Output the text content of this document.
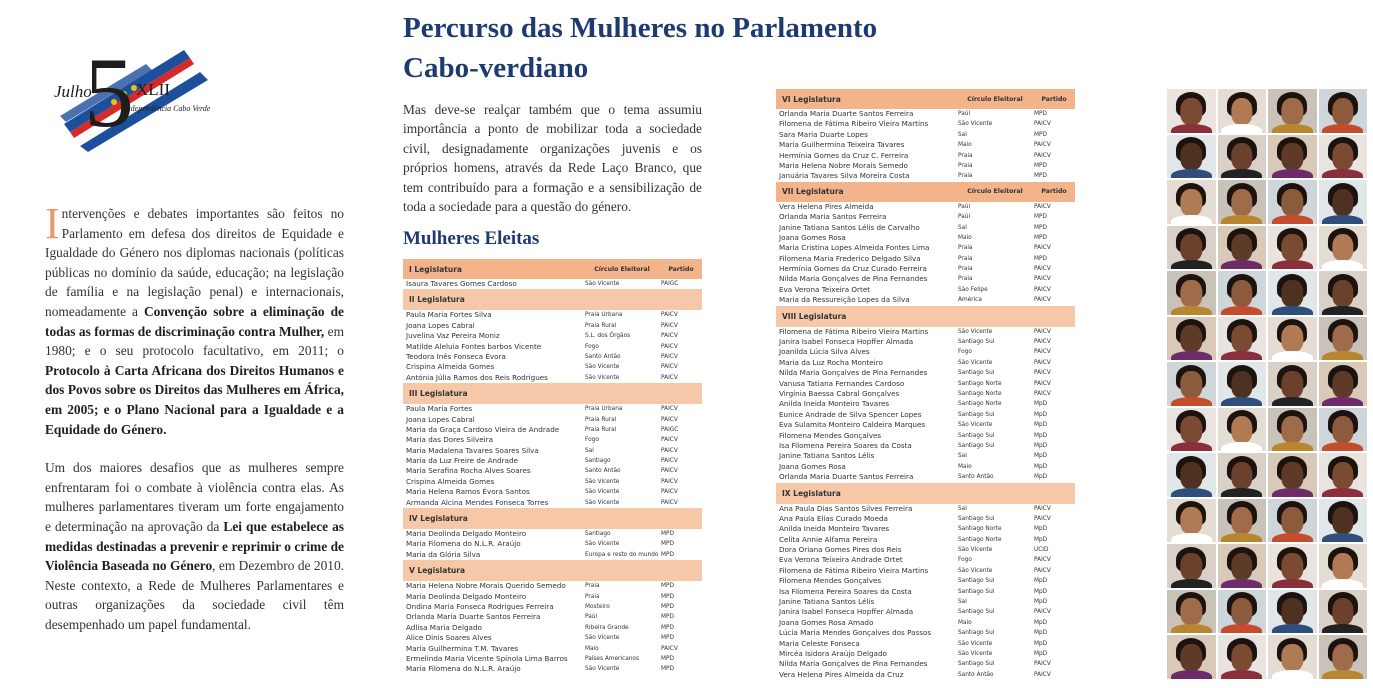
5
Julho	XLII
Independência Cabo Verde

Intervenções e debates importantes são feitos no Parlamento em defesa dos direitos de Equidade e Igualdade do Género nos diplomas nacionais (políticas públicas no domínio da saúde, educação; na legislação de família e na legislação penal) e internacionais, nomeadamente a Convenção sobre a eliminação de todas as formas de discriminação contra Mulher, em 1980; e o seu protocolo facultativo, em 2011; o Protocolo à Carta Africana dos Direitos Humanos e dos Povos sobre os Direitos das Mulheres em África, em 2005; e o Plano Nacional para a Igualdade e a Equidade do Género.

Um dos maiores desafios que as mulheres sempre enfrentaram foi o combate à violência contra elas. As mulheres parlamentares tiveram um forte engajamento e determinação na aprovação da Lei que estabelece as medidas destinadas a prevenir e reprimir o crime de Violência Baseada no Género, em Dezembro de 2010. Neste contexto, a Rede de Mulheres Parlamentares e outras organizações da sociedade civil têm desempenhado um papel fundamental.

Percurso das Mulheres no Parlamento Cabo-verdiano

Mas deve-se realçar também que o tema assumiu importância a ponto de mobilizar toda a sociedade civil, designadamente organizações juvenis e os próprios homens, através da Rede Laço Branco, que tem contribuído para a formação e a sensibilização de toda a sociedade para a questão do género.

Mulheres Eleitas
I Legislatura	Círculo Eleitoral	Partido
Isaura Tavares Gomes Cardoso	São Vicente	PAIGC
II Legislatura
Paula Maria Fortes Silva	Praia Urbana	PAICV
Joana Lopes Cabral	Praia Rural	PAICV
Juvelina Vaz Pereira Moniz	S.L. dos Órgãos	PAICV
Matilde Aleluia Fontes barbos Vicente	Fogo	PAICV
Teodora Inês Fonseca Évora	Santo Antão	PAICV
Crispina Almeida Gomes	São Vicente	PAICV
Antónia Júlia Ramos dos Reis Rodrigues	São Vicente	PAICV
III Legislatura
Paula Maria Fortes	Praia Urbana	PAICV
Joana Lopes Cabral	Praia Rural	PAICV
Maria da Graça Cardoso Vieira de Andrade	Praia Rural	PAIGC
Maria das Dores Silveira	Fogo	PAICV
Maria Madalena Tavares Soares Silva	Sal	PAICV
Maria da Luz Freire de Andrade	Santiago	PAICV
Maria Serafina Rocha Alves Soares	Santo Antão	PAICV
Crispina Almeida Gomes	São Vicente	PAICV
Maria Helena Ramos Évora Santos	São Vicente	PAICV
Armanda Alcina Mendes Fonseca Torres	São Vicente	PAICV
IV Legislatura
Maria Deolinda Delgado Monteiro	Santiago	MPD
Maria Filomena do N.L.R. Araújo	São Vicente	MPD
Maria da Glória Silva	Europa e resto do mundo MPD
V Legislatura
Maria Helena Nobre Morais Querido Semedo	Praia	MPD
Maria Deolinda Delgado Monteiro	Praia	MPD
Ondina Maria Fonseca Rodrigues Ferreira	Mosteiro	MPD
Orlanda Maria Duarte Santos Ferreira	Paúl	MPD
Adlisa Maria Delgado	Ribeira Grande	MPD
Alice Dinis Soares Alves	São Vicente	MPD
Maria Guilhermina T.M. Tavares	Maio	PAICV
Ermelinda Maria Vicente Spínola Lima Barros	Países Americanos	MPD
Maria Filomena do N.L.R. Araújo	São Vicente	MPD
VI Legislatura	Círculo Eleitoral	Partido
Orlanda Maria Duarte Santos Ferreira	Paúl	MPD
Filomena de Fátima Ribeiro Vieira Martins	São Vicente	PAICV
Sara Maria Duarte Lopes	Sal	MPD
Maria Guilhermina Teixeira Tavares	Maio	PAICV
Hermínia Gomes da Cruz C. Ferreira	Praia	PAICV
Maria Helena Nobre Morais Semedo	Praia	MPD
Januária Tavares Silva Moreira Costa	Praia	MPD
VII Legislatura	Círculo Eleitoral	Partido
Vera Helena Pires Almeida	Paúl	PAICV
Orlanda Maria Santos Ferreira	Paúl	MPD
Janine Tatiana Santos Lélis de Carvalho	Sal	MPD
Joana Gomes Rosa	Maio	MPD
Maria Cristina Lopes Almeida Fontes Lima	Praia	PAICV
Filomena Maria Frederico Delgado Silva	Praia	MPD
Hermínia Gomes da Cruz Curado Ferreira	Praia	PAICV
Nilda Maria Gonçalves de Pina Fernandes	Praia	PAICV
Eva Verona Teixeira Ortet	São Felipe	PAICV
Maria da Ressureição Lopes da Silva	América	PAICV
VIII Legislatura
Filomena de Fátima Ribeiro Vieira Martins	São Vicente	PAICV
Janira Isabel Fonseca Hopffer Almada	Santiago Sul	PAICV
Joanilda Lúcia Silva Alves	Fogo	PAICV
Maria da Luz Rocha Monteiro	São Vicente	PAICV
Nilda Maria Gonçalves de Pina Fernandes	Santiago Sul	PAICV
Vanusa Tatiana Fernandes Cardoso	Santiago Norte	PAICV
Virgínia Baessa Cabral Gonçalves	Santiago Norte	PAICV
Anilda Ineida Monteiro Tavares	Santiago Norte	MpD
Eunice Andrade de Silva Spencer Lopes	Santiago Sul	MpD
Eva Sulamita Monteiro Caldeira Marques	São Vicente	MpD
Filomena Mendes Gonçalves	Santiago Sul	MpD
Isa Filomena Pereira Soares da Costa	Santiago Sul	MpD
Janine Tatiana Santos Lélis	Sal	MpD
Joana Gomes Rosa	Maio	MpD
Orlanda Maria Duarte Santos Ferreira	Santo Antão	MpD
IX Legislatura
Ana Paula Dias Santos Silves Ferreira	Sal	PAICV
Ana Paula Elias Curado Moeda	Santiago Sul	PAICV
Anilda Ineida Monteiro Tavares	Santiago Norte	MpD
Celita Annie Alfama Pereira	Santiago Norte	MpD
Dora Oriana Gomes Pires dos Reis	São Vicente	UCID
Eva Verona Teixeira Andrade Ortet	Fogo	PAICV
Filomena de Fátima Ribeiro Vieira Martins	São Vicente	PAICV
Filomena Mendes Gonçalves	Santiago Sul	MpD
Isa Filomena Pereira Soares da Costa	Santiago Sul	MpD
Janine Tatiana Santos Lélis	Sal	MpD
Janira Isabel Fonseca Hopffer Almada	Santiago Sul	PAICV
Joana Gomes Rosa Amado	Maio	MpD
Lúcia Maria Mendes Gonçalves dos Passos	Santiago Sul	MpD
Maria Celeste Fonseca	São Vicente	MpD
Mircéa Isidora Araújo Delgado	São Vicente	MpD
Nilda Maria Gonçalves de Pina Fernandes	Santiago Sul	PAICV
Vera Helena Pires Almeida da Cruz	Santo Antão	PAICV
